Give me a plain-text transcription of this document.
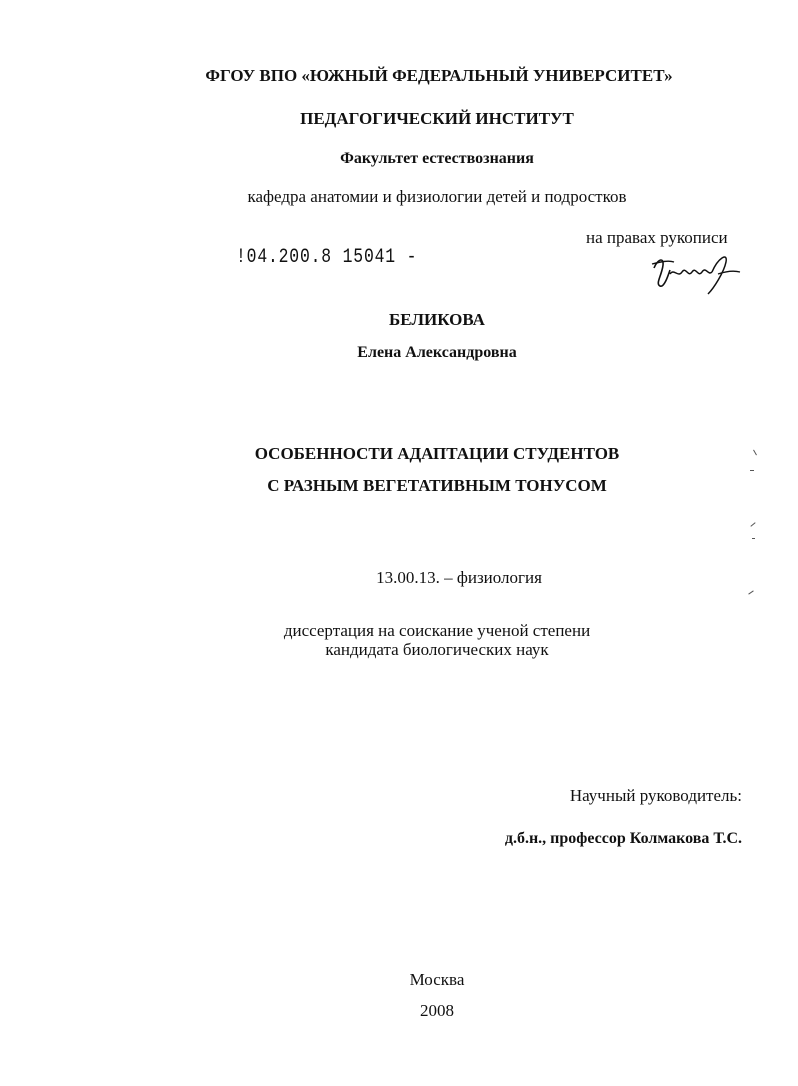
ФГОУ ВПО «ЮЖНЫЙ ФЕДЕРАЛЬНЫЙ УНИВЕРСИТЕТ»
ПЕДАГОГИЧЕСКИЙ ИНСТИТУТ
Факультет естествознания
кафедра анатомии и физиологии детей и подростков
!04.200.8 15041 -
на правах рукописи
БЕЛИКОВА
Елена Александровна
ОСОБЕННОСТИ АДАПТАЦИИ СТУДЕНТОВ
С РАЗНЫМ ВЕГЕТАТИВНЫМ ТОНУСОМ
13.00.13. – физиология
диссертация на соискание ученой степени
кандидата биологических наук
Научный руководитель:
д.б.н., профессор Колмакова Т.С.
Москва
2008
